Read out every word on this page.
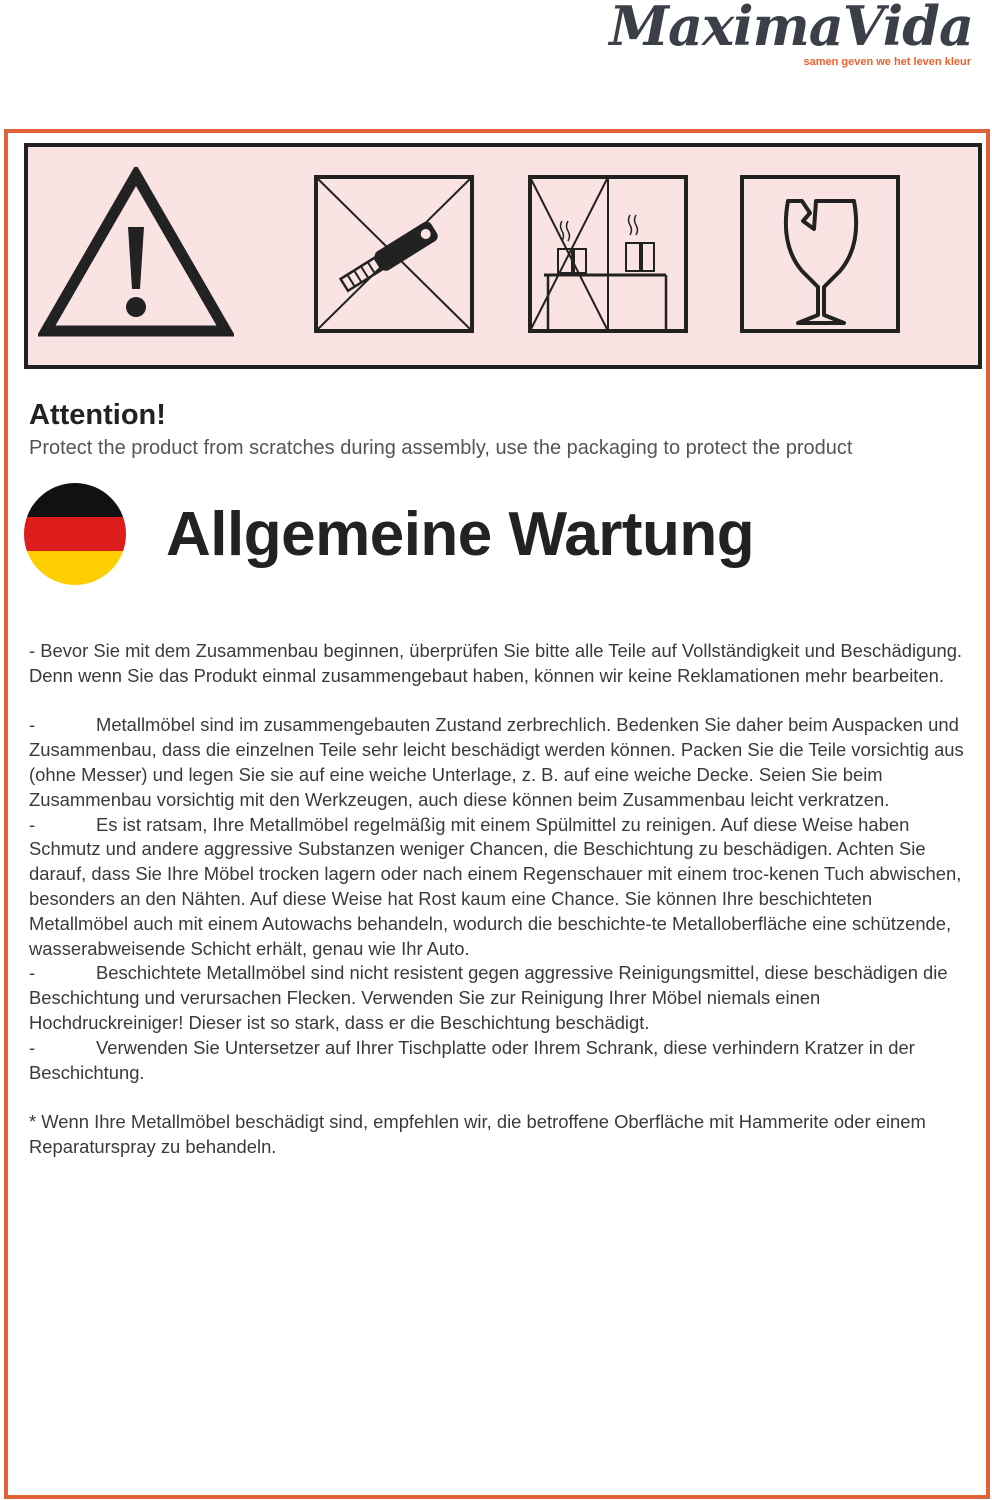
MaximaVida
samen geven we het leven kleur
Attention!
Protect the product from scratches during assembly, use the packaging to protect the product
Allgemeine Wartung

- Bevor Sie mit dem Zusammenbau beginnen, überprüfen Sie bitte alle Teile auf Vollständigkeit und Beschädigung. Denn wenn Sie das Produkt einmal zusammengebaut haben, können wir keine Reklamationen mehr bearbeiten.

-	Metallmöbel sind im zusammengebauten Zustand zerbrechlich. Bedenken Sie daher beim Auspacken und Zusammenbau, dass die einzelnen Teile sehr leicht beschädigt werden können. Packen Sie die Teile vorsichtig aus (ohne Messer) und legen Sie sie auf eine weiche Unterlage, z. B. auf eine weiche Decke. Seien Sie beim Zusammenbau vorsichtig mit den Werkzeugen, auch diese können beim Zusammenbau leicht verkratzen.

-	Es ist ratsam, Ihre Metallmöbel regelmäßig mit einem Spülmittel zu reinigen. Auf diese Weise haben Schmutz und andere aggressive Substanzen weniger Chancen, die Beschichtung zu beschädigen. Achten Sie darauf, dass Sie Ihre Möbel trocken lagern oder nach einem Regenschauer mit einem troc-kenen Tuch abwischen, besonders an den Nähten. Auf diese Weise hat Rost kaum eine Chance. Sie können Ihre beschichteten Metallmöbel auch mit einem Autowachs behandeln, wodurch die beschichte-te Metalloberfläche eine schützende, wasserabweisende Schicht erhält, genau wie Ihr Auto.

-	Beschichtete Metallmöbel sind nicht resistent gegen aggressive Reinigungsmittel, diese beschädigen die Beschichtung und verursachen Flecken. Verwenden Sie zur Reinigung Ihrer Möbel niemals einen Hochdruckreiniger! Dieser ist so stark, dass er die Beschichtung beschädigt.

-	Verwenden Sie Untersetzer auf Ihrer Tischplatte oder Ihrem Schrank, diese verhindern Kratzer in der Beschichtung.

* Wenn Ihre Metallmöbel beschädigt sind, empfehlen wir, die betroffene Oberfläche mit Hammerite oder einem Reparaturspray zu behandeln.
